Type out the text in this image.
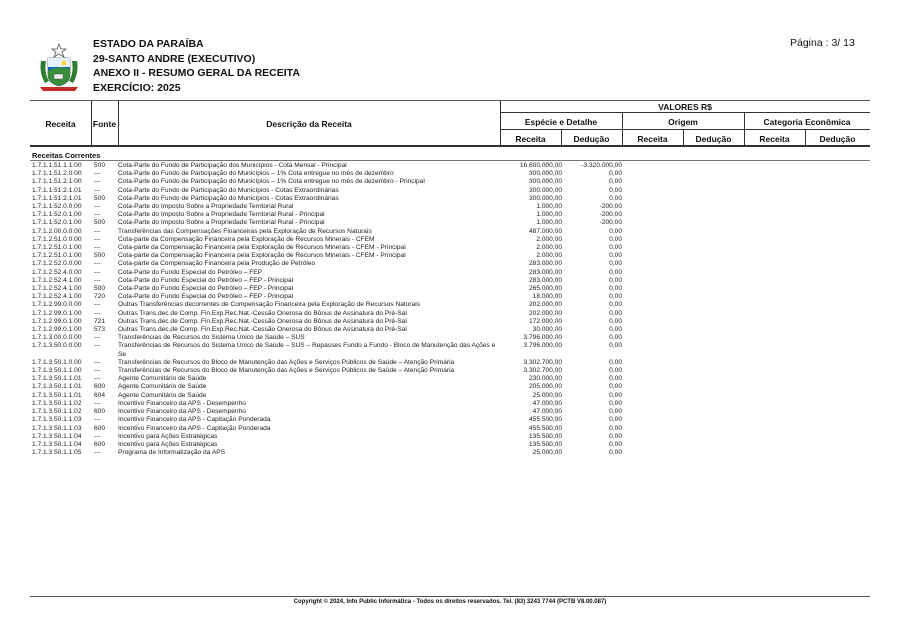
ESTADO DA PARAÍBA
29-SANTO ANDRE (EXECUTIVO)
ANEXO II - RESUMO GERAL DA RECEITA
EXERCÍCIO: 2025
Página : 3/ 13
Receita	Fonte	Descrição da Receita
VALORES R$
Espécie e Detalhe	Origem	Categoria Econômica
Receita	Dedução	Receita	Dedução	Receita	Dedução
Receitas Correntes
1.7.1.1.51.1.1.00	500	Cota-Parte do Fundo de Participação dos Municípios - Cota Mensal - Principal	16.600.000,00	-3.320.000,00
1.7.1.1.51.2.0.00	---	Cota-Parte do Fundo de Participação do Municípios – 1% Cota entregue no mês de dezembro	300.000,00	0,00
1.7.1.1.51.2.1.00	---	Cota-Parte do Fundo de Participação do Municípios – 1% Cota entregue no mês de dezembro - Principal	300.000,00	0,00
1.7.1.1.51.2.1.01	---	Cota-Parte do Fundo de Participação do Municípios - Cotas Extraordinárias	300.000,00	0,00
1.7.1.1.51.2.1.01	500	Cota-Parte do Fundo de Participação do Municípios - Cotas Extraordinárias	300.000,00	0,00
1.7.1.1.52.0.0.00	---	Cota-Parte do Imposto Sobre a Propriedade Territorial Rural	1.000,00	-200,00
1.7.1.1.52.0.1.00	---	Cota-Parte do Imposto Sobre a Propriedade Territorial Rural - Principal	1.000,00	-200,00
1.7.1.1.52.0.1.00	500	Cota-Parte do Imposto Sobre a Propriedade Territorial Rural - Principal	1.000,00	-200,00
1.7.1.2.00.0.0.00	---	Transferências das Compensações Financeiras pela Exploração de Recursos Naturais	487.000,00	0,00
1.7.1.2.51.0.0.00	---	Cota-parte da Compensação Financeira pela Exploração de Recursos Minerais - CFEM	2.000,00	0,00
1.7.1.2.51.0.1.00	---	Cota-parte da Compensação Financeira pela Exploração de Recursos Minerais - CFEM - Principal	2.000,00	0,00
1.7.1.2.51.0.1.00	500	Cota-parte da Compensação Financeira pela Exploração de Recursos Minerais - CFEM - Principal	2.000,00	0,00
1.7.1.2.52.0.0.00	---	Cota-parte da Compensação Financeira pela Produção de Petróleo	283.000,00	0,00
1.7.1.2.52.4.0.00	---	Cota-Parte do Fundo Especial do Petróleo – FEP	283.000,00	0,00
1.7.1.2.52.4.1.00	---	Cota-Parte do Fundo Especial do Petróleo – FEP - Principal	283.000,00	0,00
1.7.1.2.52.4.1.00	500	Cota-Parte do Fundo Especial do Petróleo – FEP - Principal	265.000,00	0,00
1.7.1.2.52.4.1.00	720	Cota-Parte do Fundo Especial do Petróleo – FEP - Principal	18.000,00	0,00
1.7.1.2.99.0.0.00	---	Outras Transferências decorrentes de Compensação Financeira pela Exploração de Recursos Naturais	202.000,00	0,00
1.7.1.2.99.0.1.00	---	Outras Trans.dec.de Comp. Fin.Exp.Rec.Nat.-Cessão Onerosa do Bônus de Assinatura do Pré-Sal	202.000,00	0,00
1.7.1.2.99.0.1.00	721	Outras Trans.dec.de Comp. Fin.Exp.Rec.Nat.-Cessão Onerosa do Bônus de Assinatura do Pré-Sal	172.000,00	0,00
1.7.1.2.99.0.1.00	573	Outras Trans.dec.de Comp. Fin.Exp.Rec.Nat.-Cessão Onerosa do Bônus de Assinatura do Pré-Sal	30.000,00	0,00
1.7.1.3.00.0.0.00	---	Transferências de Recursos do Sistema Único de Saúde – SUS	3.796.000,00	0,00
1.7.1.3.50.0.0.00	---	Transferências de Recursos do Sistema Único de Saúde – SUS – Repasses Fundo a Fundo - Bloco de Manutenção das Ações e Se
3.796.000,00	0,00
1.7.1.3.50.1.0.00	---	Transferências de Recursos do Bloco de Manutenção das Ações e Serviços Públicos de Saúde – Atenção Primária	3.302.700,00	0,00
1.7.1.3.50.1.1.00	---	Transferências de Recursos do Bloco de Manutenção das Ações e Serviços Públicos de Saúde – Atenção Primária	3.302.700,00	0,00
1.7.1.3.50.1.1.01	---	Agente Comunitário de Saúde	230.000,00	0,00
1.7.1.3.50.1.1.01	600	Agente Comunitário de Saúde	205.000,00	0,00
1.7.1.3.50.1.1.01	604	Agente Comunitário de Saúde	25.000,00	0,00
1.7.1.3.50.1.1.02	---	Incentivo Financeiro da APS - Desempenho	47.000,00	0,00
1.7.1.3.50.1.1.02	600	Incentivo Financeiro da APS - Desempenho	47.000,00	0,00
1.7.1.3.50.1.1.03	---	Incentivo Financeiro da APS - Capitação Ponderada	455.500,00	0,00
1.7.1.3.50.1.1.03	600	Incentivo Financeiro da APS - Capitação Ponderada	455.500,00	0,00
1.7.1.3.50.1.1.04	---	Incentivo para Ações Estratégicas	135.500,00	0,00
1.7.1.3.50.1.1.04	600	Incentivo para Ações Estratégicas	135.500,00	0,00
1.7.1.3.50.1.1.05	---	Programa de Informatização da APS	25.000,00	0,00
Copyright © 2024, Info Public Informática - Todos os direitos reservados. Tel. (83) 3243 7744 (PCTB V8.00.087)
